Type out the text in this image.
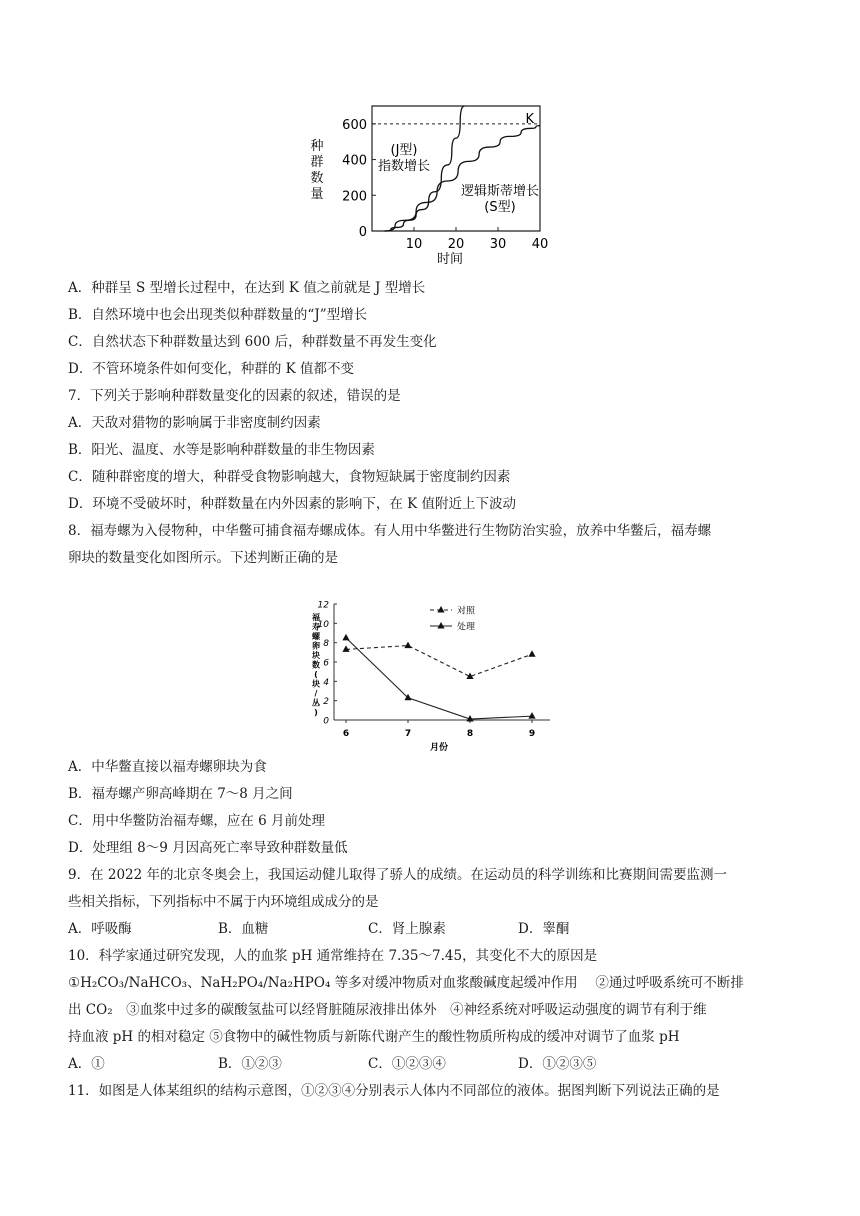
0
200
400
600
10 20 30 40
种
群
数
量
时间
K
(J型)
指数增长
逻辑斯蒂增长
(S型)
A．种群呈 S 型增长过程中，在达到 K 值之前就是 J 型增长
B．自然环境中也会出现类似种群数量的“J”型增长
C．自然状态下种群数量达到 600 后，种群数量不再发生变化
D．不管环境条件如何变化，种群的 K 值都不变
7．下列关于影响种群数量变化的因素的叙述，错误的是
A．天敌对猎物的影响属于非密度制约因素
B．阳光、温度、水等是影响种群数量的非生物因素
C．随种群密度的增大，种群受食物影响越大，食物短缺属于密度制约因素
D．环境不受破坏时，种群数量在内外因素的影响下，在 K 值附近上下波动
8．福寿螺为入侵物种，中华鳖可捕食福寿螺成体。有人用中华鳖进行生物防治实验，放养中华鳖后，福寿螺
卵块的数量变化如图所示。下述判断正确的是
0
2
4
6
8
10
12
6	7	8	9
月份
福
寿
螺
卵
块
数
(
块
/
丛
)
对照
处理
A．中华鳖直接以福寿螺卵块为食
B．福寿螺产卵高峰期在 7～8 月之间
C．用中华鳖防治福寿螺，应在 6 月前处理
D．处理组 8～9 月因高死亡率导致种群数量低
9．在 2022 年的北京冬奥会上，我国运动健儿取得了骄人的成绩。在运动员的科学训练和比赛期间需要监测一
些相关指标，下列指标中不属于内环境组成成分的是
A．呼吸酶	B．血糖	C．肾上腺素	D．睾酮
10．科学家通过研究发现，人的血浆 pH 通常维持在 7.35～7.45，其变化不大的原因是
①H₂CO₃/NaHCO₃、NaH₂PO₄/Na₂HPO₄ 等多对缓冲物质对血浆酸碱度起缓冲作用　 ②通过呼吸系统可不断排
出 CO₂　③血浆中过多的碳酸氢盐可以经肾脏随尿液排出体外　④神经系统对呼吸运动强度的调节有利于维
持血液 pH 的相对稳定 ⑤食物中的碱性物质与新陈代谢产生的酸性物质所构成的缓冲对调节了血浆 pH
A．①	B．①②③	C．①②③④	D．①②③⑤
11．如图是人体某组织的结构示意图，①②③④分别表示人体内不同部位的液体。据图判断下列说法正确的是
